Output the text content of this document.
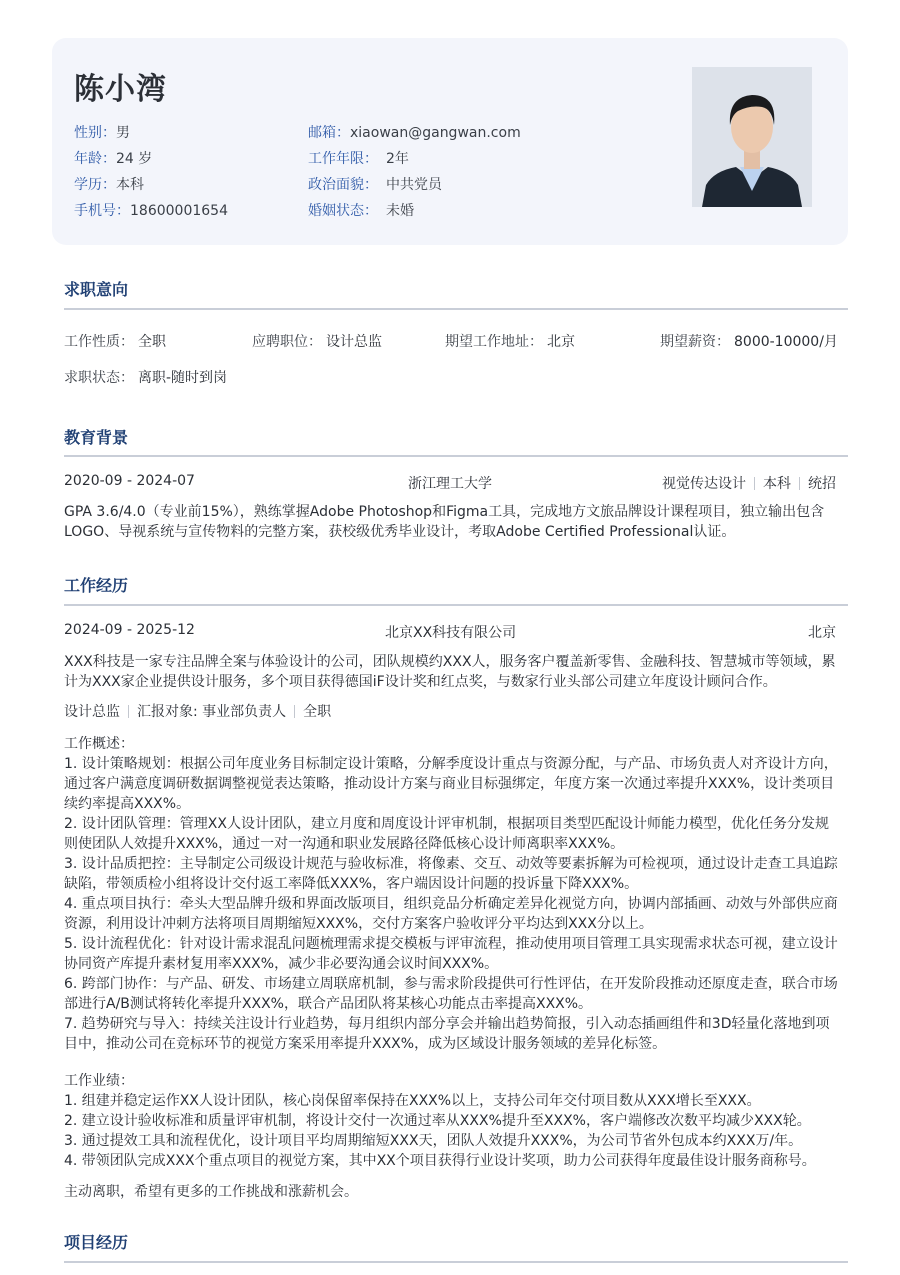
陈小湾
性别：男
年龄：24 岁
学历：本科
手机号：18600001654
邮箱：xiaowan@gangwan.com
工作年限： 2年
政治面貌： 中共党员
婚姻状态： 未婚
求职意向
工作性质： 全职	应聘职位： 设计总监	期望工作地址： 北京	期望薪资： 8000-10000/月
求职状态： 离职-随时到岗
教育背景
2020-09 - 2024-07	浙江理工大学	视觉传达设计 本科 统招
GPA 3.6/4.0（专业前15%），熟练掌握Adobe Photoshop和Figma工具，完成地方文旅品牌设计课程项目，独立输出包含
LOGO、导视系统与宣传物料的完整方案，获校级优秀毕业设计，考取Adobe Certified Professional认证。
工作经历
2024-09 - 2025-12	北京XX科技有限公司	北京
XXX科技是一家专注品牌全案与体验设计的公司，团队规模约XXX人，服务客户覆盖新零售、金融科技、智慧城市等领域，累
计为XXX家企业提供设计服务，多个项目获得德国iF设计奖和红点奖，与数家行业头部公司建立年度设计顾问合作。
设计总监 汇报对象: 事业部负责人 全职
工作概述：
1. 设计策略规划：根据公司年度业务目标制定设计策略，分解季度设计重点与资源分配，与产品、市场负责人对齐设计方向，
通过客户满意度调研数据调整视觉表达策略，推动设计方案与商业目标强绑定，年度方案一次通过率提升XXX%，设计类项目
续约率提高XXX%。
2. 设计团队管理：管理XX人设计团队，建立月度和周度设计评审机制，根据项目类型匹配设计师能力模型，优化任务分发规
则使团队人效提升XXX%，通过一对一沟通和职业发展路径降低核心设计师离职率XXX%。
3. 设计品质把控：主导制定公司级设计规范与验收标准，将像素、交互、动效等要素拆解为可检视项，通过设计走查工具追踪
缺陷，带领质检小组将设计交付返工率降低XXX%，客户端因设计问题的投诉量下降XXX%。
4. 重点项目执行：牵头大型品牌升级和界面改版项目，组织竞品分析确定差异化视觉方向，协调内部插画、动效与外部供应商
资源，利用设计冲刺方法将项目周期缩短XXX%，交付方案客户验收评分平均达到XXX分以上。
5. 设计流程优化：针对设计需求混乱问题梳理需求提交模板与评审流程，推动使用项目管理工具实现需求状态可视，建立设计
协同资产库提升素材复用率XXX%，减少非必要沟通会议时间XXX%。
6. 跨部门协作：与产品、研发、市场建立周联席机制，参与需求阶段提供可行性评估，在开发阶段推动还原度走查，联合市场
部进行A/B测试将转化率提升XXX%，联合产品团队将某核心功能点击率提高XXX%。
7. 趋势研究与导入：持续关注设计行业趋势，每月组织内部分享会并输出趋势简报，引入动态插画组件和3D轻量化落地到项
目中，推动公司在竞标环节的视觉方案采用率提升XXX%，成为区域设计服务领域的差异化标签。
工作业绩：
1. 组建并稳定运作XX人设计团队，核心岗保留率保持在XXX%以上，支持公司年交付项目数从XXX增长至XXX。
2. 建立设计验收标准和质量评审机制，将设计交付一次通过率从XXX%提升至XXX%，客户端修改次数平均减少XXX轮。
3. 通过提效工具和流程优化，设计项目平均周期缩短XXX天，团队人效提升XXX%，为公司节省外包成本约XXX万/年。
4. 带领团队完成XXX个重点项目的视觉方案，其中XX个项目获得行业设计奖项，助力公司获得年度最佳设计服务商称号。
主动离职，希望有更多的工作挑战和涨薪机会。
项目经历
